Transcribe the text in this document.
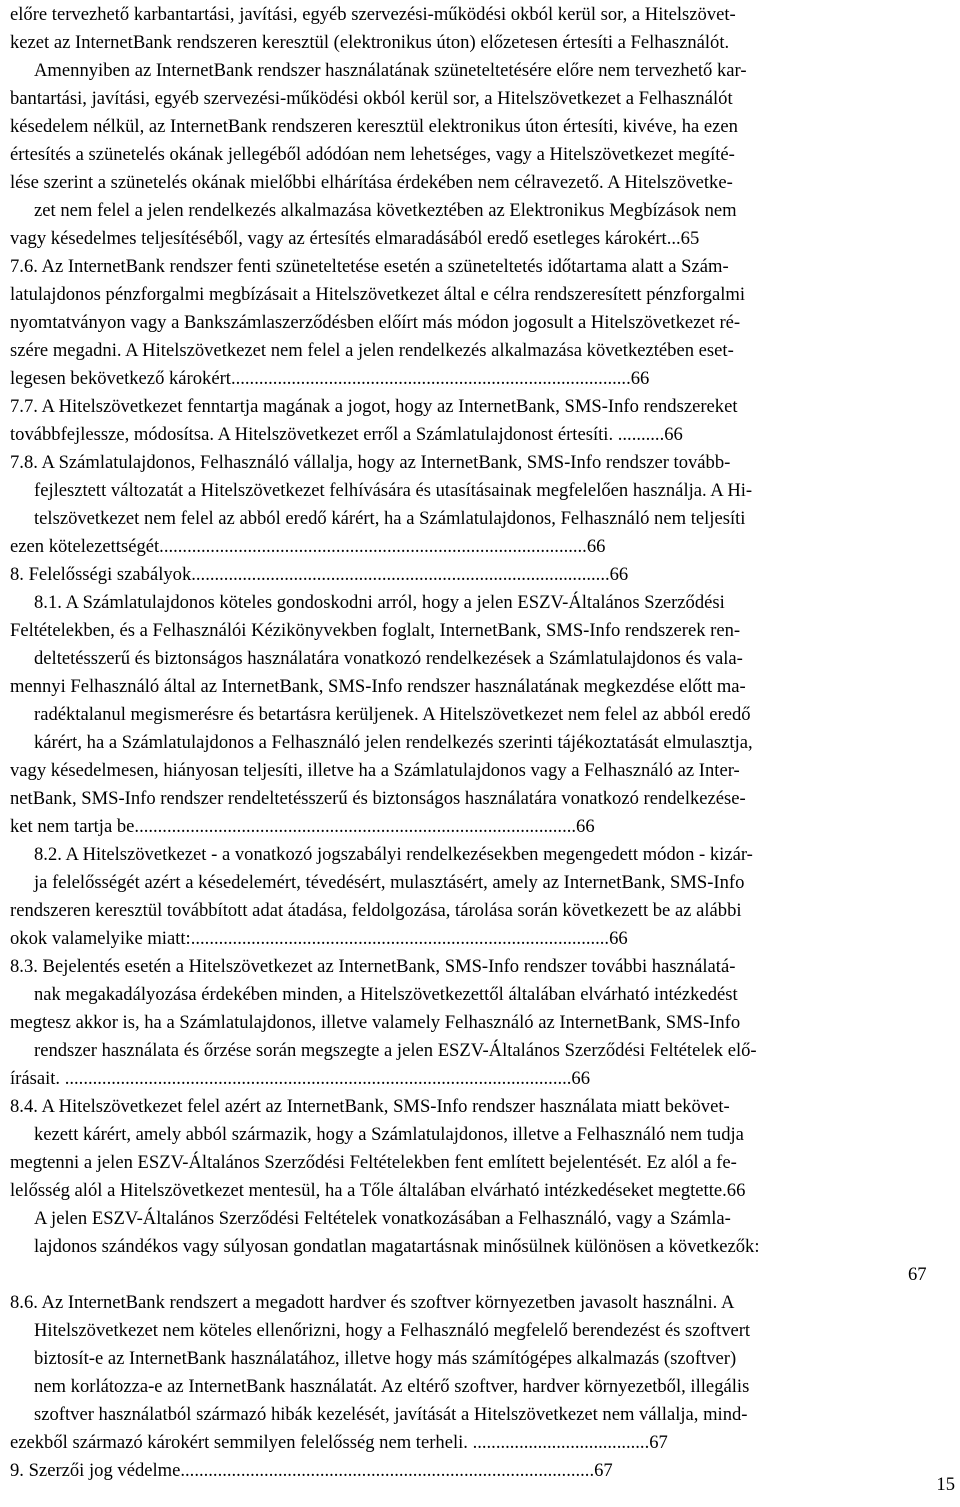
előre tervezhető karbantartási, javítási, egyéb szervezési-működési okból kerül sor, a Hitelszövet-
kezet az InternetBank rendszeren keresztül (elektronikus úton) előzetesen értesíti a Felhasználót.
Amennyiben az InternetBank rendszer használatának szüneteltetésére előre nem tervezhető kar-
bantartási, javítási, egyéb szervezési-működési okból kerül sor, a Hitelszövetkezet a Felhasználót
késedelem nélkül, az InternetBank rendszeren keresztül elektronikus úton értesíti, kivéve, ha ezen
értesítés a szünetelés okának jellegéből adódóan nem lehetséges, vagy a Hitelszövetkezet megíté-
lése szerint a szünetelés okának mielőbbi elhárítása érdekében nem célravezető. A Hitelszövetke-
zet nem felel a jelen rendelkezés alkalmazása következtében az Elektronikus Megbízások nem
vagy késedelmes teljesítéséből, vagy az értesítés elmaradásából eredő esetleges károkért...65
7.6. Az InternetBank rendszer fenti szüneteltetése esetén a szüneteltetés időtartama alatt a Szám-
latulajdonos pénzforgalmi megbízásait a Hitelszövetkezet által e célra rendszeresített pénzforgalmi
nyomtatványon vagy a Bankszámlaszerződésben előírt más módon jogosult a Hitelszövetkezet ré-
szére megadni. A Hitelszövetkezet nem felel a jelen rendelkezés alkalmazása következtében eset-
legesen bekövetkező károkért......................................................................................66
7.7. A Hitelszövetkezet fenntartja magának a jogot, hogy az InternetBank, SMS-Info rendszereket
továbbfejlessze, módosítsa. A Hitelszövetkezet erről a Számlatulajdonost értesíti. ..........66
7.8. A Számlatulajdonos, Felhasználó vállalja, hogy az InternetBank, SMS-Info rendszer tovább-
fejlesztett változatát a Hitelszövetkezet felhívására és utasításainak megfelelően használja. A Hi-
telszövetkezet nem felel az abból eredő kárért, ha a Számlatulajdonos, Felhasználó nem teljesíti
ezen kötelezettségét............................................................................................66
8. Felelősségi szabályok..........................................................................................66
8.1. A Számlatulajdonos köteles gondoskodni arról, hogy a jelen ESZV-Általános Szerződési
Feltételekben, és a Felhasználói Kézikönyvekben foglalt, InternetBank, SMS-Info rendszerek ren-
deltetésszerű és biztonságos használatára vonatkozó rendelkezések a Számlatulajdonos és vala-
mennyi Felhasználó által az InternetBank, SMS-Info rendszer használatának megkezdése előtt ma-
radéktalanul megismerésre és betartásra kerüljenek. A Hitelszövetkezet nem felel az abból eredő
kárért, ha a Számlatulajdonos a Felhasználó jelen rendelkezés szerinti tájékoztatását elmulasztja,
vagy késedelmesen, hiányosan teljesíti, illetve ha a Számlatulajdonos vagy a Felhasználó az Inter-
netBank, SMS-Info rendszer rendeltetésszerű és biztonságos használatára vonatkozó rendelkezése-
ket nem tartja be...............................................................................................66
8.2. A Hitelszövetkezet - a vonatkozó jogszabályi rendelkezésekben megengedett módon - kizár-
ja felelősségét azért a késedelemért, tévedésért, mulasztásért, amely az InternetBank, SMS-Info
rendszeren keresztül továbbított adat átadása, feldolgozása, tárolása során következett be az alábbi
okok valamelyike miatt:..........................................................................................66
8.3. Bejelentés esetén a Hitelszövetkezet az InternetBank, SMS-Info rendszer további használatá-
nak megakadályozása érdekében minden, a Hitelszövetkezettől általában elvárható intézkedést
megtesz akkor is, ha a Számlatulajdonos, illetve valamely Felhasználó az InternetBank, SMS-Info
rendszer használata és őrzése során megszegte a jelen ESZV-Általános Szerződési Feltételek elő-
írásait. .............................................................................................................66
8.4. A Hitelszövetkezet felel azért az InternetBank, SMS-Info rendszer használata miatt bekövet-
kezett kárért, amely abból származik, hogy a Számlatulajdonos, illetve a Felhasználó nem tudja
megtenni a jelen ESZV-Általános Szerződési Feltételekben fent említett bejelentését. Ez alól a fe-
lelősség alól a Hitelszövetkezet mentesül, ha a Tőle általában elvárható intézkedéseket megtette.66
A jelen ESZV-Általános Szerződési Feltételek vonatkozásában a Felhasználó, vagy a Számla-
lajdonos szándékos vagy súlyosan gondatlan magatartásnak minősülnek különösen a következők:
67
8.6. Az InternetBank rendszert a megadott hardver és szoftver környezetben javasolt használni. A
Hitelszövetkezet nem köteles ellenőrizni, hogy a Felhasználó megfelelő berendezést és szoftvert
biztosít-e az InternetBank használatához, illetve hogy más számítógépes alkalmazás (szoftver)
nem korlátozza-e az InternetBank használatát. Az eltérő szoftver, hardver környezetből, illegális
szoftver használatból származó hibák kezelését, javítását a Hitelszövetkezet nem vállalja, mind-
ezekből származó károkért semmilyen felelősség nem terheli. ......................................67
9. Szerzői jog védelme.........................................................................................67
15
